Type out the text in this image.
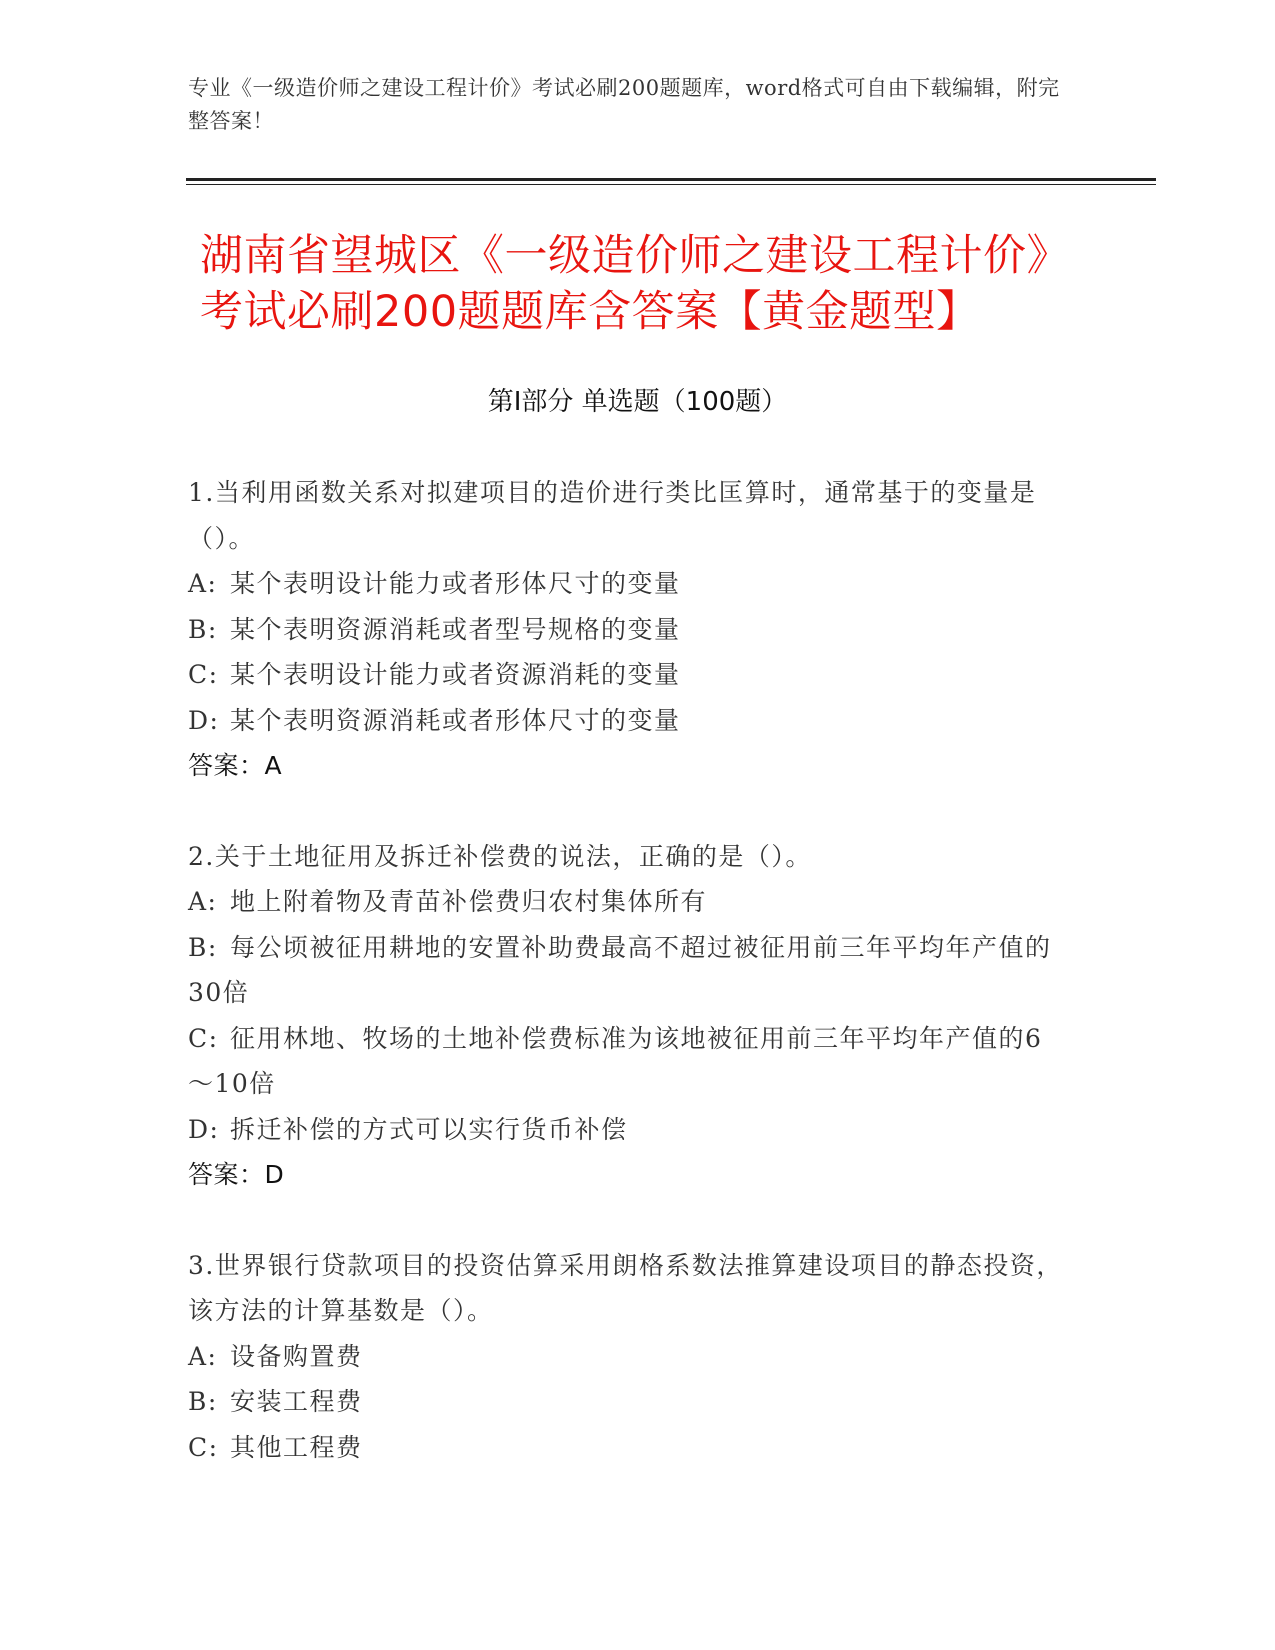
专业《一级造价师之建设工程计价》考试必刷200题题库，word格式可自由下载编辑，附完整答案！
湖南省望城区《一级造价师之建设工程计价》考试必刷200题题库含答案【黄金题型】
第I部分 单选题（100题）

1.当利用函数关系对拟建项目的造价进行类比匡算时，通常基于的变量是（）。

A: 某个表明设计能力或者形体尺寸的变量

B: 某个表明资源消耗或者型号规格的变量

C: 某个表明设计能力或者资源消耗的变量

D: 某个表明资源消耗或者形体尺寸的变量

答案：A

2.关于土地征用及拆迁补偿费的说法，正确的是（）。

A: 地上附着物及青苗补偿费归农村集体所有

B: 每公顷被征用耕地的安置补助费最高不超过被征用前三年平均年产值的30倍

C: 征用林地、牧场的土地补偿费标准为该地被征用前三年平均年产值的6～10倍

D: 拆迁补偿的方式可以实行货币补偿

答案：D

3.世界银行贷款项目的投资估算采用朗格系数法推算建设项目的静态投资，该方法的计算基数是（）。

A: 设备购置费

B: 安装工程费

C: 其他工程费
